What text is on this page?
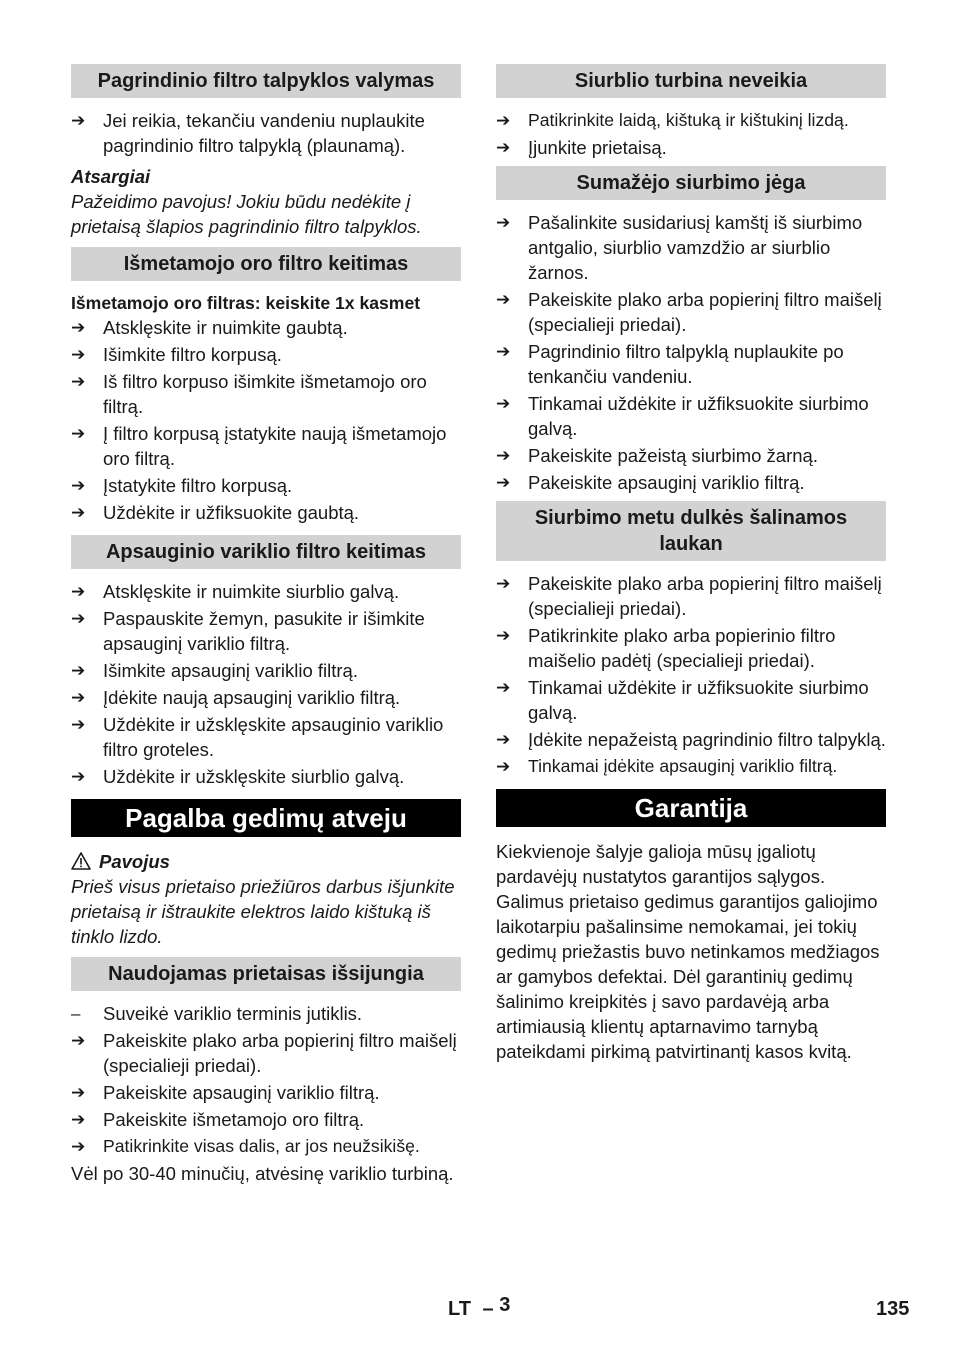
Pagrindinio filtro talpyklos valymas
➔ Jei reikia, tekančiu vandeniu nuplaukite pagrindinio filtro talpyklą (plaunamą).
Atsargiai
Pažeidimo pavojus! Jokiu būdu nedėkite į prietaisą šlapios pagrindinio filtro talpyklos.
Išmetamojo oro filtro keitimas
Išmetamojo oro filtras: keiskite 1x kasmet
➔ Atsklęskite ir nuimkite gaubtą.
➔ Išimkite filtro korpusą.
➔ Iš filtro korpuso išimkite išmetamojo oro filtrą.
➔ Į filtro korpusą įstatykite naują išmetamojo oro filtrą.
➔ Įstatykite filtro korpusą.
➔ Uždėkite ir užfiksuokite gaubtą.
Apsauginio variklio filtro keitimas
➔ Atsklęskite ir nuimkite siurblio galvą.
➔ Paspauskite žemyn, pasukite ir išimkite apsauginį variklio filtrą.
➔ Išimkite apsauginį variklio filtrą.
➔ Įdėkite naują apsauginį variklio filtrą.
➔ Uždėkite ir užsklęskite apsauginio variklio filtro groteles.
➔ Uždėkite ir užsklęskite siurblio galvą.
Pagalba gedimų atveju
Pavojus
Prieš visus prietaiso priežiūros darbus išjunkite prietaisą ir ištraukite elektros laido kištuką iš tinklo lizdo.
Naudojamas prietaisas išsijungia
–	Suveikė variklio terminis jutiklis.
➔ Pakeiskite plako arba popierinį filtro maišelį (specialieji priedai).
➔ Pakeiskite apsauginį variklio filtrą.
➔ Pakeiskite išmetamojo oro filtrą.
➔	Patikrinkite visas dalis, ar jos neužsikišę.
Vėl po 30-40 minučių, atvėsinę variklio turbiną.
Siurblio turbina neveikia
➔	Patikrinkite laidą, kištuką ir kištukinį lizdą.
➔ Įjunkite prietaisą.
Sumažėjo siurbimo jėga
➔ Pašalinkite susidariusį kamštį iš siurbimo antgalio, siurblio vamzdžio ar siurblio žarnos.
➔ Pakeiskite plako arba popierinį filtro maišelį (specialieji priedai).
➔ Pagrindinio filtro talpyklą nuplaukite po tenkančiu vandeniu.
➔ Tinkamai uždėkite ir užfiksuokite siurbimo galvą.
➔ Pakeiskite pažeistą siurbimo žarną.
➔ Pakeiskite apsauginį variklio filtrą.
Siurbimo metu dulkės šalinamos laukan
➔ Pakeiskite plako arba popierinį filtro maišelį (specialieji priedai).
➔ Patikrinkite plako arba popierinio filtro maišelio padėtį (specialieji priedai).
➔ Tinkamai uždėkite ir užfiksuokite siurbimo galvą.
➔ Įdėkite nepažeistą pagrindinio filtro talpyklą.
➔	Tinkamai įdėkite apsauginį variklio filtrą.
Garantija
Kiekvienoje šalyje galioja mūsų įgaliotų pardavėjų nustatytos garantijos sąlygos. Galimus prietaiso gedimus garantijos galiojimo laikotarpiu pašalinsime nemokamai, jei tokių gedimų priežastis buvo netinkamos medžiagos ar gamybos defektai. Dėl garantinių gedimų šalinimo kreipkitės į savo pardavėją arba artimiausią klientų aptarnavimo tarnybą pateikdami pirkimą patvirtinantį kasos kvitą.
LT – 3	135
